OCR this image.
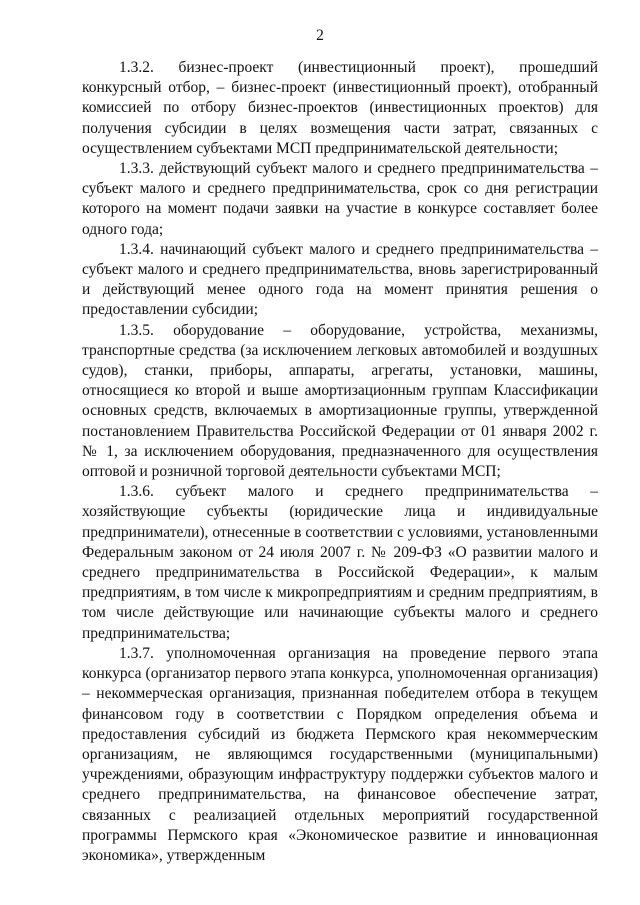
2

1.3.2. бизнес-проект (инвестиционный проект), прошедший конкурсный отбор, – бизнес-проект (инвестиционный проект), отобранный комиссией по отбору бизнес-проектов (инвестиционных проектов) для получения субсидии в целях возмещения части затрат, связанных с осуществлением субъектами МСП предпринимательской деятельности;

1.3.3. действующий субъект малого и среднего предпринимательства – субъект малого и среднего предпринимательства, срок со дня регистрации которого на момент подачи заявки на участие в конкурсе составляет более одного года;

1.3.4. начинающий субъект малого и среднего предпринимательства – субъект малого и среднего предпринимательства, вновь зарегистрированный и действующий менее одного года на момент принятия решения о предоставлении субсидии;

1.3.5. оборудование – оборудование, устройства, механизмы, транспортные средства (за исключением легковых автомобилей и воздушных судов), станки, приборы, аппараты, агрегаты, установки, машины, относящиеся ко второй и выше амортизационным группам Классификации основных средств, включаемых в амортизационные группы, утвержденной постановлением Правительства Российской Федерации от 01 января 2002 г. № 1, за исключением оборудования, предназначенного для осуществления оптовой и розничной торговой деятельности субъектами МСП;

1.3.6. субъект малого и среднего предпринимательства – хозяйствующие субъекты (юридические лица и индивидуальные предприниматели), отнесенные в соответствии с условиями, установленными Федеральным законом от 24 июля 2007 г. № 209-ФЗ «О развитии малого и среднего предпринимательства в Российской Федерации», к малым предприятиям, в том числе к микропредприятиям и средним предприятиям, в том числе действующие или начинающие субъекты малого и среднего предпринимательства;

1.3.7. уполномоченная организация на проведение первого этапа конкурса (организатор первого этапа конкурса, уполномоченная организация) – некоммерческая организация, признанная победителем отбора в текущем финансовом году в соответствии с Порядком определения объема и предоставления субсидий из бюджета Пермского края некоммерческим организациям, не являющимся государственными (муниципальными) учреждениями, образующим инфраструктуру поддержки субъектов малого и среднего предпринимательства, на финансовое обеспечение затрат, связанных с реализацией отдельных мероприятий государственной программы Пермского края «Экономическое развитие и инновационная экономика», утвержденным
